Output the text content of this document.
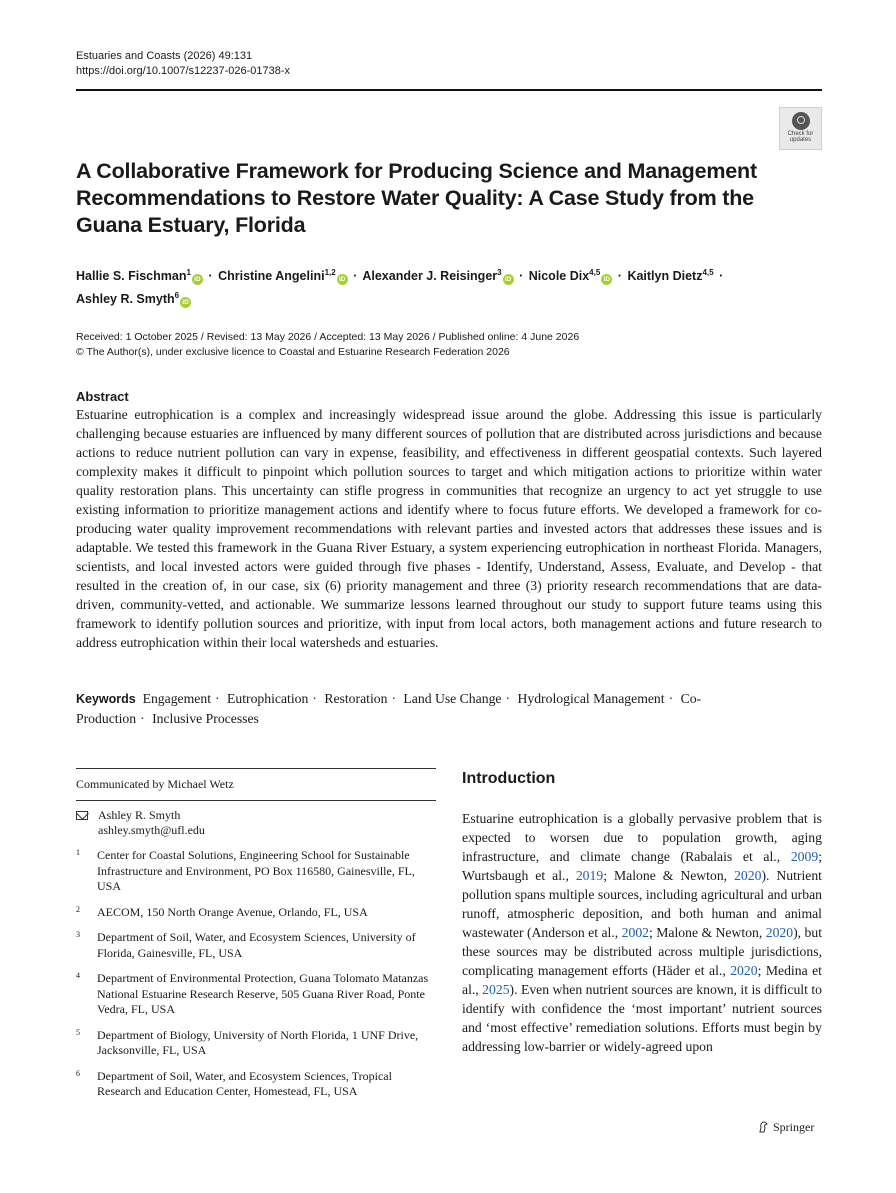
Estuaries and Coasts (2026) 49:131
https://doi.org/10.1007/s12237-026-01738-x
Check for
updates
A Collaborative Framework for Producing Science and Management Recommendations to Restore Water Quality: A Case Study from the Guana Estuary, Florida
Hallie S. Fischman$^1$iD · Christine Angelini$^{1,2}$iD · Alexander J. Reisinger$^3$iD · Nicole Dix$^{4,5}$iD · Kaitlyn Dietz$^{4,5}$ ·
Ashley R. Smyth$^6$iD
Received: 1 October 2025 / Revised: 13 May 2026 / Accepted: 13 May 2026 / Published online: 4 June 2026
© The Author(s), under exclusive licence to Coastal and Estuarine Research Federation 2026
Abstract

Estuarine eutrophication is a complex and increasingly widespread issue around the globe. Addressing this issue is particularly challenging because estuaries are influenced by many different sources of pollution that are distributed across jurisdictions and because actions to reduce nutrient pollution can vary in expense, feasibility, and effectiveness in different geospatial contexts. Such layered complexity makes it difficult to pinpoint which pollution sources to target and which mitigation actions to prioritize within water quality restoration plans. This uncertainty can stifle progress in communities that recognize an urgency to act yet struggle to use existing information to prioritize management actions and identify where to focus future efforts. We developed a framework for co-producing water quality improvement recommendations with relevant parties and invested actors that addresses these issues and is adaptable. We tested this framework in the Guana River Estuary, a system experiencing eutrophication in northeast Florida. Managers, scientists, and local invested actors were guided through five phases - Identify, Understand, Assess, Evaluate, and Develop - that resulted in the creation of, in our case, six (6) priority management and three (3) priority research recommendations that are data-driven, community-vetted, and actionable. We summarize lessons learned throughout our study to support future teams using this framework to identify pollution sources and prioritize, with input from local actors, both management actions and future research to address eutrophication within their local watersheds and estuaries.

Keywords Engagement · Eutrophication · Restoration · Land Use Change · Hydrological Management · Co-Production · Inclusive Processes
Communicated by Michael Wetz
Ashley R. Smyth
ashley.smyth@ufl.edu
1 Center for Coastal Solutions, Engineering School for Sustainable Infrastructure and Environment, PO Box 116580, Gainesville, FL, USA
2 AECOM, 150 North Orange Avenue, Orlando, FL, USA
3 Department of Soil, Water, and Ecosystem Sciences, University of Florida, Gainesville, FL, USA
4 Department of Environmental Protection, Guana Tolomato Matanzas National Estuarine Research Reserve, 505 Guana River Road, Ponte Vedra, FL, USA
5 Department of Biology, University of North Florida, 1 UNF Drive, Jacksonville, FL, USA
6 Department of Soil, Water, and Ecosystem Sciences, Tropical Research and Education Center, Homestead, FL, USA
Introduction

Estuarine eutrophication is a globally pervasive problem that is expected to worsen due to population growth, aging infrastructure, and climate change (Rabalais et al., 2009; Wurtsbaugh et al., 2019; Malone & Newton, 2020). Nutrient pollution spans multiple sources, including agricultural and urban runoff, atmospheric deposition, and both human and animal wastewater (Anderson et al., 2002; Malone & Newton, 2020), but these sources may be distributed across multiple jurisdictions, complicating management efforts (Häder et al., 2020; Medina et al., 2025). Even when nutrient sources are known, it is difficult to identify with confidence the ‘most important’ nutrient sources and ‘most effective’ remediation solutions. Efforts must begin by addressing low-barrier or widely-agreed upon

Springer
